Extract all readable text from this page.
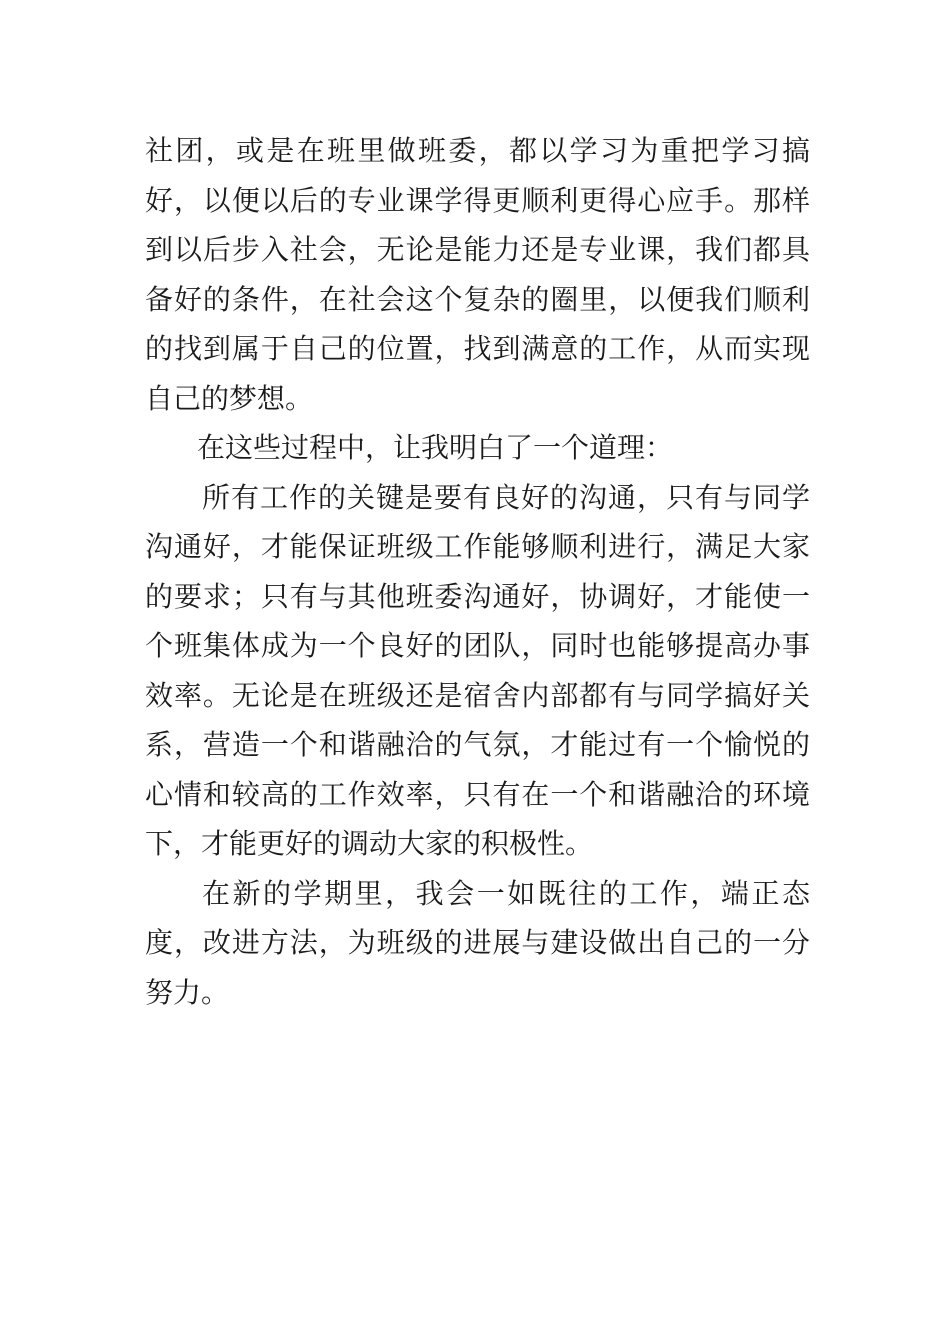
社团，或是在班里做班委，都以学习为重把学习搞好，以便以后的专业课学得更顺利更得心应手。那样到以后步入社会，无论是能力还是专业课，我们都具备好的条件，在社会这个复杂的圈里，以便我们顺利的找到属于自己的位置，找到满意的工作，从而实现自己的梦想。

在这些过程中，让我明白了一个道理：

所有工作的关键是要有良好的沟通，只有与同学沟通好，才能保证班级工作能够顺利进行，满足大家的要求；只有与其他班委沟通好，协调好，才能使一个班集体成为一个良好的团队，同时也能够提高办事效率。无论是在班级还是宿舍内部都有与同学搞好关系，营造一个和谐融洽的气氛，才能过有一个愉悦的心情和较高的工作效率，只有在一个和谐融洽的环境下，才能更好的调动大家的积极性。

在新的学期里，我会一如既往的工作，端正态度，改进方法，为班级的进展与建设做出自己的一分努力。
